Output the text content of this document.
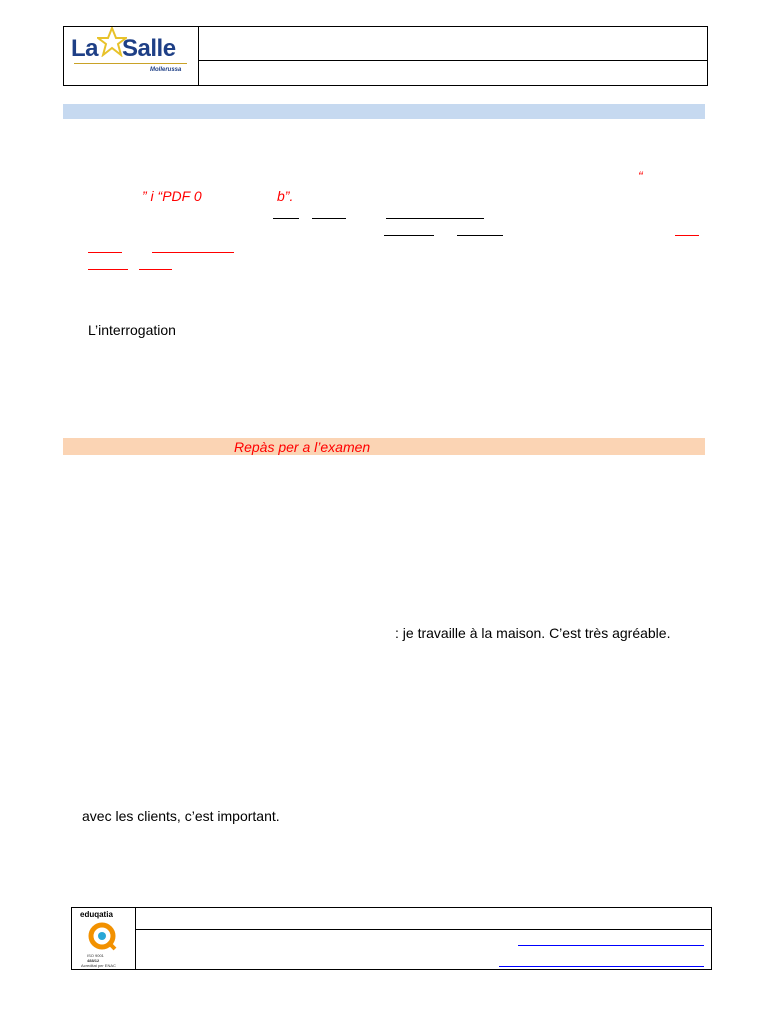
La Salle
Mollerussa
“
” i “PDF 0	b”.
L’interrogation
Repàs per a l’examen
: je travaille à la maison. C’est très agréable.
avec les clients, c’est important.
eduqatia
ISO 9001
488/12
Acreditat per ENAC
